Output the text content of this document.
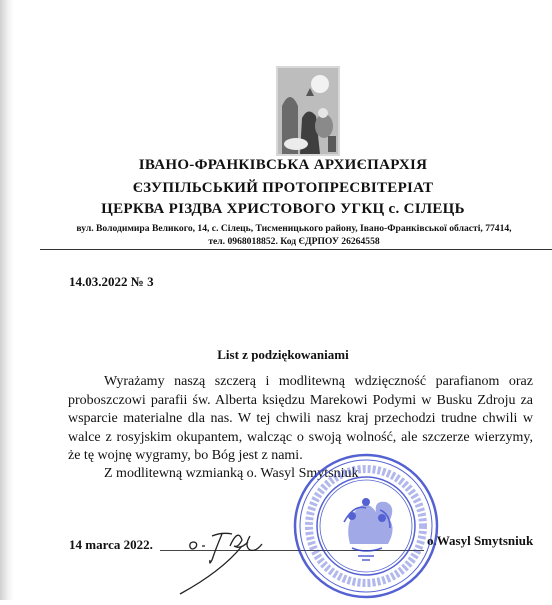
ІВАНО-ФРАНКІВСЬКА АРХИЄПАРХІЯ
ЄЗУПІЛЬСЬКИЙ ПРОТОПРЕСВІТЕРІАТ
ЦЕРКВА РІЗДВА ХРИСТОВОГО УГКЦ с. СІЛЕЦЬ
вул. Володимира Великого, 14, с. Сілець, Тисменицького району, Івано-Франківської області, 77414,
тел. 0968018852. Код ЄДРПОУ 26264558
14.03.2022 № 3
List z podziękowaniami
Wyrażamy naszą szczerą i modlitewną wdzięczność parafianom oraz proboszczowi parafii św. Alberta księdzu Marekowi Podymi w Busku Zdroju za wsparcie materialne dla nas. W tej chwili nasz kraj przechodzi trudne chwili w walce z rosyjskim okupantem, walcząc o swoją wolność, ale szczerze wierzymy, że tę wojnę wygramy, bo Bóg jest z nami.
Z modlitewną wzmianką o. Wasyl Smytsniuk
14 marca 2022.	o.Wasyl Smytsniuk
